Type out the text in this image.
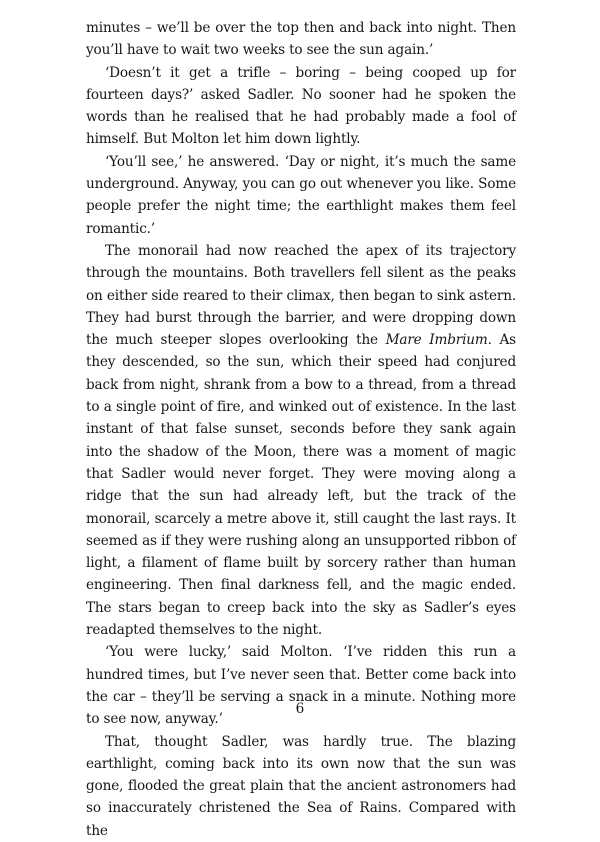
minutes – we’ll be over the top then and back into night. Then you’ll have to wait two weeks to see the sun again.’

‘Doesn’t it get a trifle – boring – being cooped up for fourteen days?’ asked Sadler. No sooner had he spoken the words than he realised that he had probably made a fool of himself. But Molton let him down lightly.

‘You’ll see,’ he answered. ‘Day or night, it’s much the same underground. Anyway, you can go out whenever you like. Some people prefer the night time; the earthlight makes them feel romantic.’

The monorail had now reached the apex of its trajectory through the mountains. Both travellers fell silent as the peaks on either side reared to their climax, then began to sink astern. They had burst through the barrier, and were dropping down the much steeper slopes overlooking the Mare Imbrium. As they descended, so the sun, which their speed had conjured back from night, shrank from a bow to a thread, from a thread to a single point of fire, and winked out of existence. In the last instant of that false sunset, seconds before they sank again into the shadow of the Moon, there was a moment of magic that Sadler would never forget. They were moving along a ridge that the sun had already left, but the track of the monorail, scarcely a metre above it, still caught the last rays. It seemed as if they were rushing along an unsupported ribbon of light, a filament of flame built by sorcery rather than human engineering. Then final darkness fell, and the magic ended. The stars began to creep back into the sky as Sadler’s eyes readapted themselves to the night.

‘You were lucky,’ said Molton. ‘I’ve ridden this run a hundred times, but I’ve never seen that. Better come back into the car – they’ll be serving a snack in a minute. Nothing more to see now, anyway.’

That, thought Sadler, was hardly true. The blazing earthlight, coming back into its own now that the sun was gone, flooded the great plain that the ancient astronomers had so inaccurately christened the Sea of Rains. Compared with the

6
